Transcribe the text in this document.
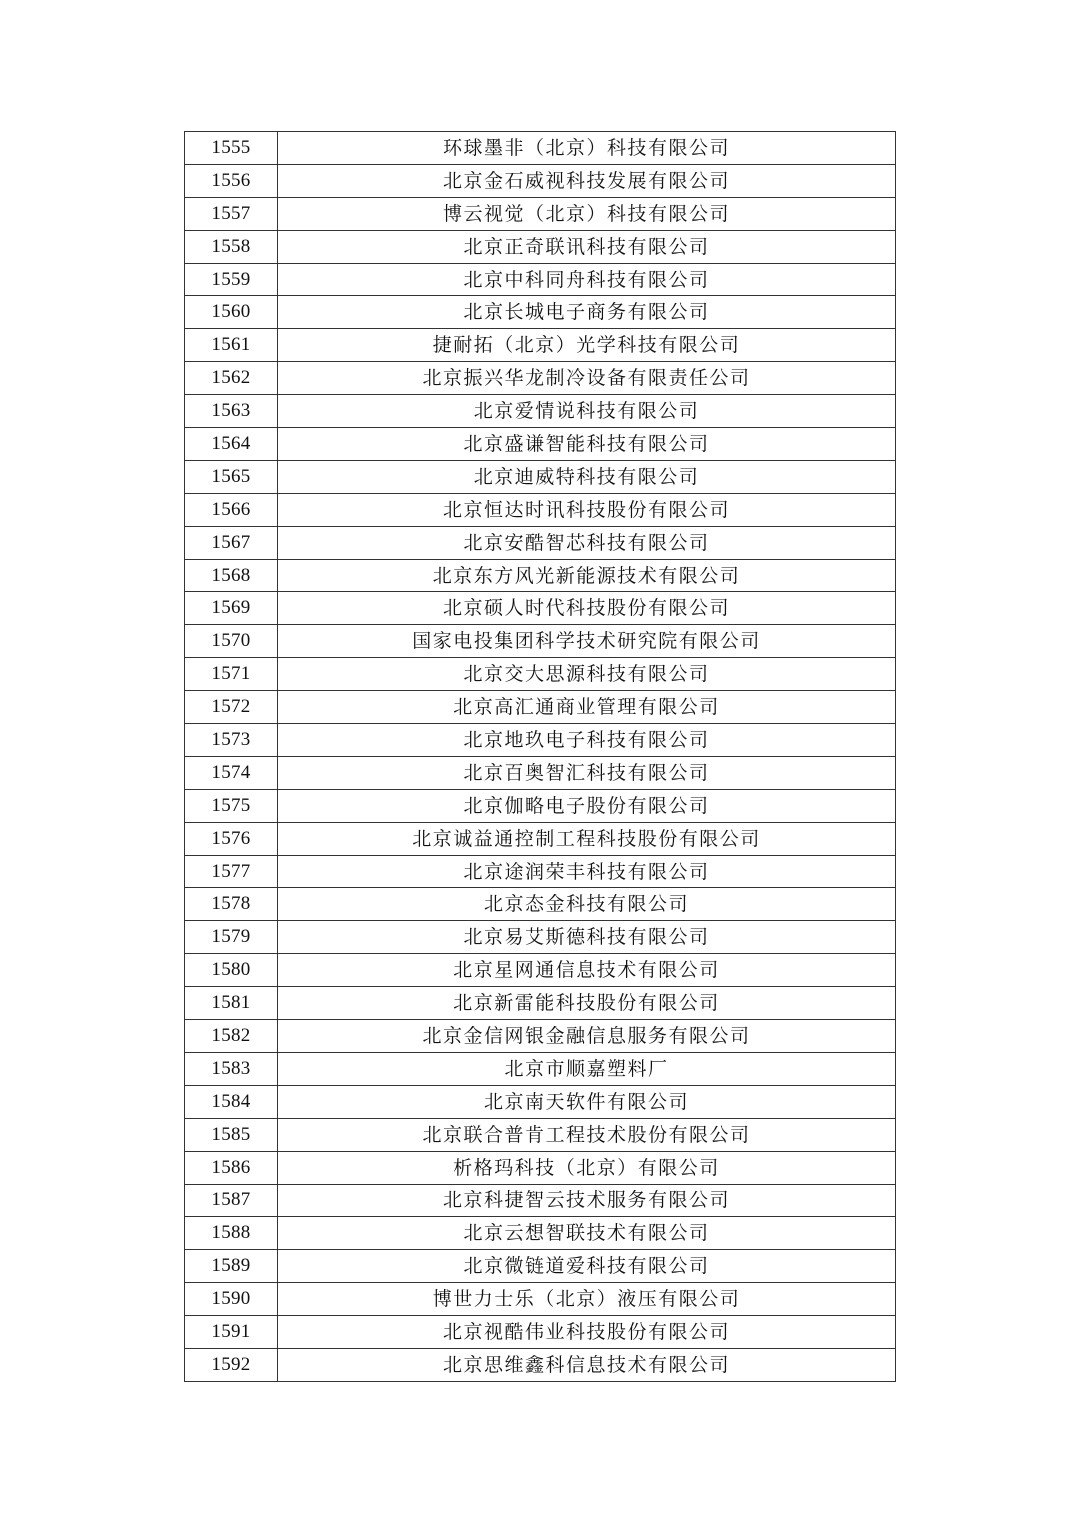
1555	环球墨非（北京）科技有限公司
1556	北京金石威视科技发展有限公司
1557	博云视觉（北京）科技有限公司
1558	北京正奇联讯科技有限公司
1559	北京中科同舟科技有限公司
1560	北京长城电子商务有限公司
1561	捷耐拓（北京）光学科技有限公司
1562	北京振兴华龙制冷设备有限责任公司
1563	北京爱情说科技有限公司
1564	北京盛谦智能科技有限公司
1565	北京迪威特科技有限公司
1566	北京恒达时讯科技股份有限公司
1567	北京安酷智芯科技有限公司
1568	北京东方风光新能源技术有限公司
1569	北京硕人时代科技股份有限公司
1570	国家电投集团科学技术研究院有限公司
1571	北京交大思源科技有限公司
1572	北京高汇通商业管理有限公司
1573	北京地玖电子科技有限公司
1574	北京百奥智汇科技有限公司
1575	北京伽略电子股份有限公司
1576	北京诚益通控制工程科技股份有限公司
1577	北京途润荣丰科技有限公司
1578	北京态金科技有限公司
1579	北京易艾斯德科技有限公司
1580	北京星网通信息技术有限公司
1581	北京新雷能科技股份有限公司
1582	北京金信网银金融信息服务有限公司
1583	北京市顺嘉塑料厂
1584	北京南天软件有限公司
1585	北京联合普肯工程技术股份有限公司
1586	析格玛科技（北京）有限公司
1587	北京科捷智云技术服务有限公司
1588	北京云想智联技术有限公司
1589	北京微链道爱科技有限公司
1590	博世力士乐（北京）液压有限公司
1591	北京视酷伟业科技股份有限公司
1592	北京思维鑫科信息技术有限公司
